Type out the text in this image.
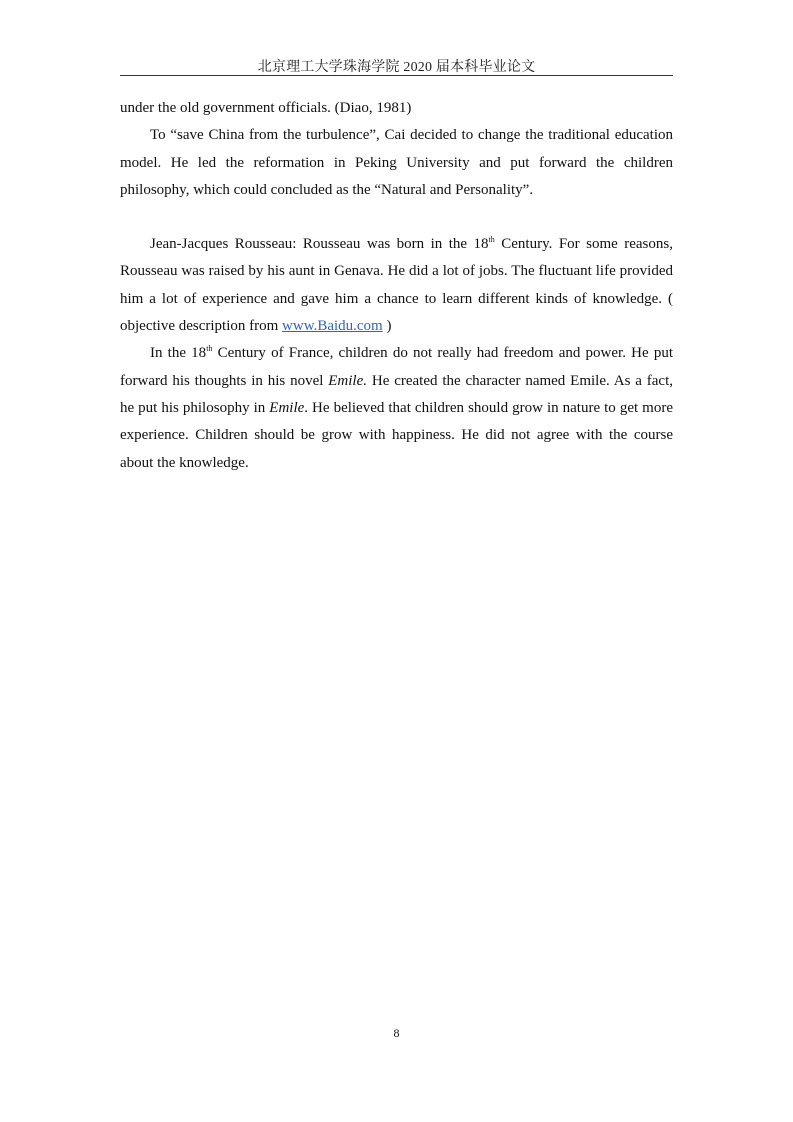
北京理工大学珠海学院 2020 届本科毕业论文

under the old government officials. (Diao, 1981)

To “save China from the turbulence”, Cai decided to change the traditional education model. He led the reformation in Peking University and put forward the children philosophy, which could concluded as the “Natural and Personality”.

Jean-Jacques Rousseau: Rousseau was born in the 18th Century. For some reasons, Rousseau was raised by his aunt in Genava. He did a lot of jobs. The fluctuant life provided him a lot of experience and gave him a chance to learn different kinds of knowledge. ( objective description from www.Baidu.com )

In the 18th Century of France, children do not really had freedom and power. He put forward his thoughts in his novel Emile. He created the character named Emile. As a fact, he put his philosophy in Emile. He believed that children should grow in nature to get more experience. Children should be grow with happiness. He did not agree with the course about the knowledge.

8
